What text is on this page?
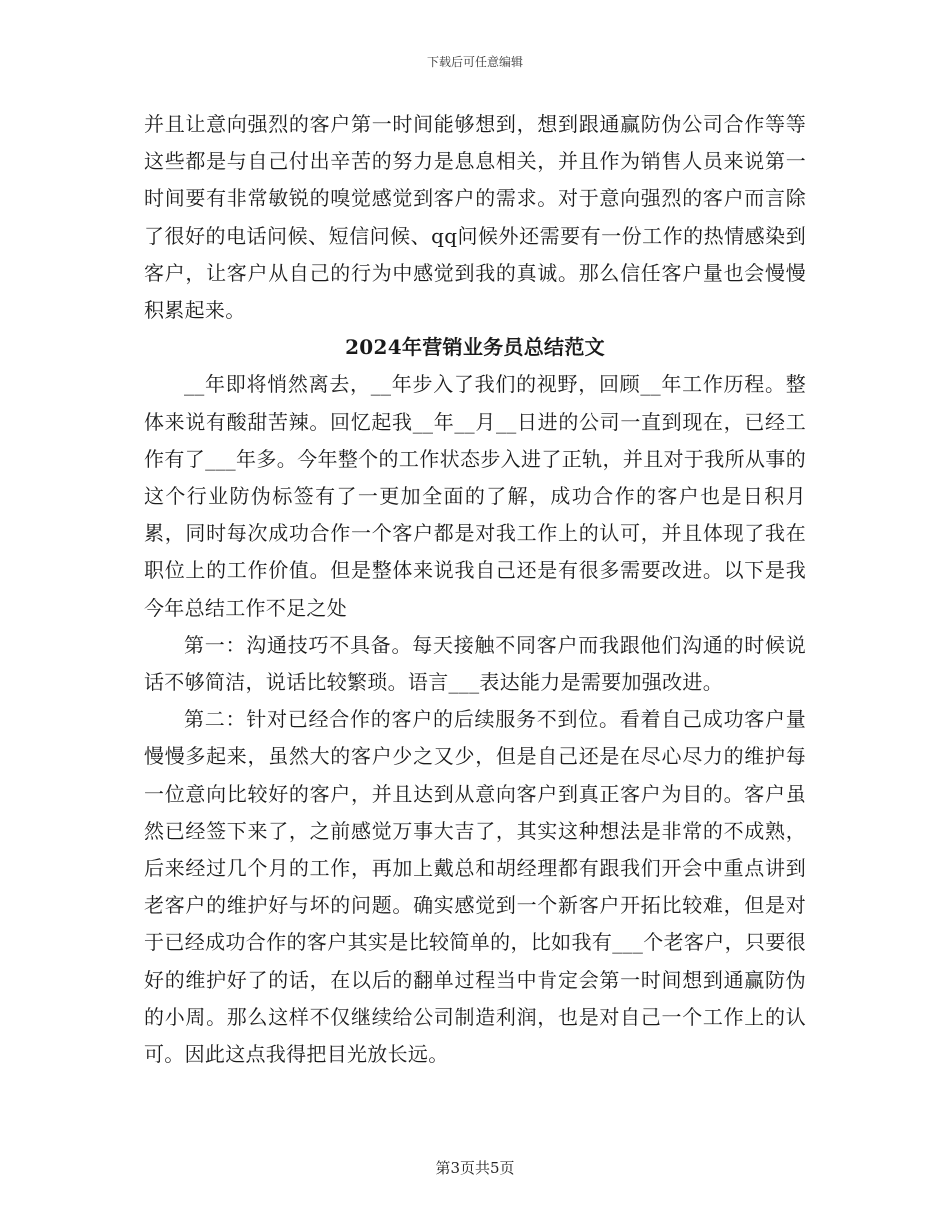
下载后可任意编辑

并且让意向强烈的客户第一时间能够想到，想到跟通赢防伪公司合作等等这些都是与自己付出辛苦的努力是息息相关，并且作为销售人员来说第一时间要有非常敏锐的嗅觉感觉到客户的需求。对于意向强烈的客户而言除了很好的电话问候、短信问候、qq问候外还需要有一份工作的热情感染到客户，让客户从自己的行为中感觉到我的真诚。那么信任客户量也会慢慢积累起来。

2024年营销业务员总结范文

__年即将悄然离去，__年步入了我们的视野，回顾__年工作历程。整体来说有酸甜苦辣。回忆起我__年__月__日进的公司一直到现在，已经工作有了___年多。今年整个的工作状态步入进了正轨，并且对于我所从事的这个行业防伪标签有了一更加全面的了解，成功合作的客户也是日积月累，同时每次成功合作一个客户都是对我工作上的认可，并且体现了我在职位上的工作价值。但是整体来说我自己还是有很多需要改进。以下是我今年总结工作不足之处

第一：沟通技巧不具备。每天接触不同客户而我跟他们沟通的时候说话不够简洁，说话比较繁琐。语言___表达能力是需要加强改进。

第二：针对已经合作的客户的后续服务不到位。看着自己成功客户量慢慢多起来，虽然大的客户少之又少，但是自己还是在尽心尽力的维护每一位意向比较好的客户，并且达到从意向客户到真正客户为目的。客户虽然已经签下来了，之前感觉万事大吉了，其实这种想法是非常的不成熟，后来经过几个月的工作，再加上戴总和胡经理都有跟我们开会中重点讲到老客户的维护好与坏的问题。确实感觉到一个新客户开拓比较难，但是对于已经成功合作的客户其实是比较简单的，比如我有___个老客户，只要很好的维护好了的话，在以后的翻单过程当中肯定会第一时间想到通赢防伪的小周。那么这样不仅继续给公司制造利润，也是对自己一个工作上的认可。因此这点我得把目光放长远。

第3页共5页
